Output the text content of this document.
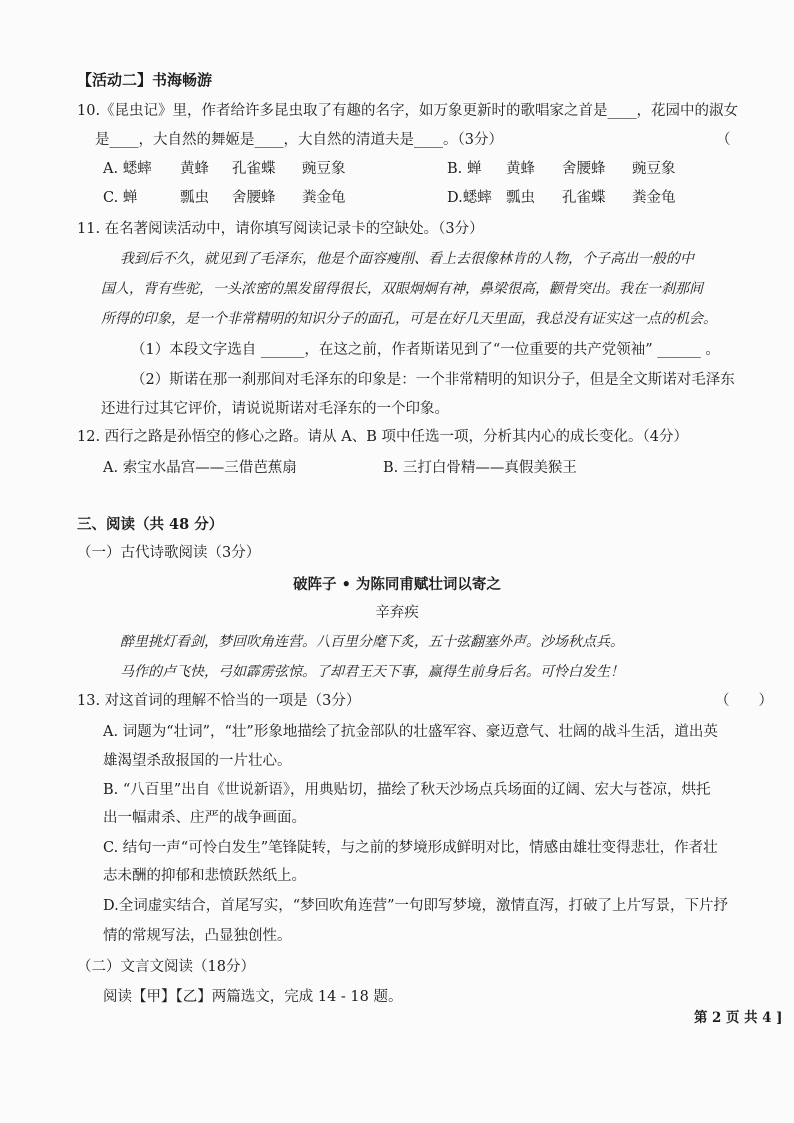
【活动二】书海畅游
10.《昆虫记》里，作者给许多昆虫取了有趣的名字，如万象更新时的歌唱家之首是____，花园中的淑女
是____，大自然的舞姬是____，大自然的清道夫是____。（3分）	（
A. 蟋蟀 黄蜂 孔雀蝶 豌豆象	B. 蝉 黄蜂 舍腰蜂 豌豆象
C. 蝉	瓢虫 舍腰蜂 粪金龟	D.蟋蟀 瓢虫 孔雀蝶 粪金龟
11. 在名著阅读活动中，请你填写阅读记录卡的空缺处。（3分）
我到后不久，就见到了毛泽东，他是个面容瘦削、看上去很像林肯的人物，个子高出一般的中
国人，背有些驼，一头浓密的黑发留得很长，双眼炯炯有神，鼻梁很高，颧骨突出。我在一刹那间
所得的印象，是一个非常精明的知识分子的面孔，可是在好几天里面，我总没有证实这一点的机会。
（1）本段文字选自 ______，在这之前，作者斯诺见到了“一位重要的共产党领袖” ______ 。
（2）斯诺在那一刹那间对毛泽东的印象是：一个非常精明的知识分子，但是全文斯诺对毛泽东
还进行过其它评价，请说说斯诺对毛泽东的一个印象。
12. 西行之路是孙悟空的修心之路。请从 A、B 项中任选一项，分析其内心的成长变化。（4分）
A. 索宝水晶宫——三借芭蕉扇	B. 三打白骨精——真假美猴王
三、阅读（共 48 分）
（一）古代诗歌阅读（3分）
破阵子 • 为陈同甫赋壮词以寄之
辛弃疾
醉里挑灯看剑，梦回吹角连营。八百里分麾下炙，五十弦翻塞外声。沙场秋点兵。
马作的卢飞快，弓如霹雳弦惊。了却君王天下事，赢得生前身后名。可怜白发生！
13. 对这首词的理解不恰当的一项是（3分）	（　　）
A. 词题为“壮词”，“壮”形象地描绘了抗金部队的壮盛军容、豪迈意气、壮阔的战斗生活，道出英
雄渴望杀敌报国的一片壮心。
B. “八百里”出自《世说新语》，用典贴切，描绘了秋天沙场点兵场面的辽阔、宏大与苍凉，烘托
出一幅肃杀、庄严的战争画面。
C. 结句一声“可怜白发生”笔锋陡转，与之前的梦境形成鲜明对比，情感由雄壮变得悲壮，作者壮
志未酬的抑郁和悲愤跃然纸上。
D.全词虚实结合，首尾写实，“梦回吹角连营”一句即写梦境，激情直泻，打破了上片写景，下片抒
情的常规写法，凸显独创性。
（二）文言文阅读（18分）
阅读【甲】【乙】两篇选文，完成 14 - 18 题。
第 2 页 共 4 ]
